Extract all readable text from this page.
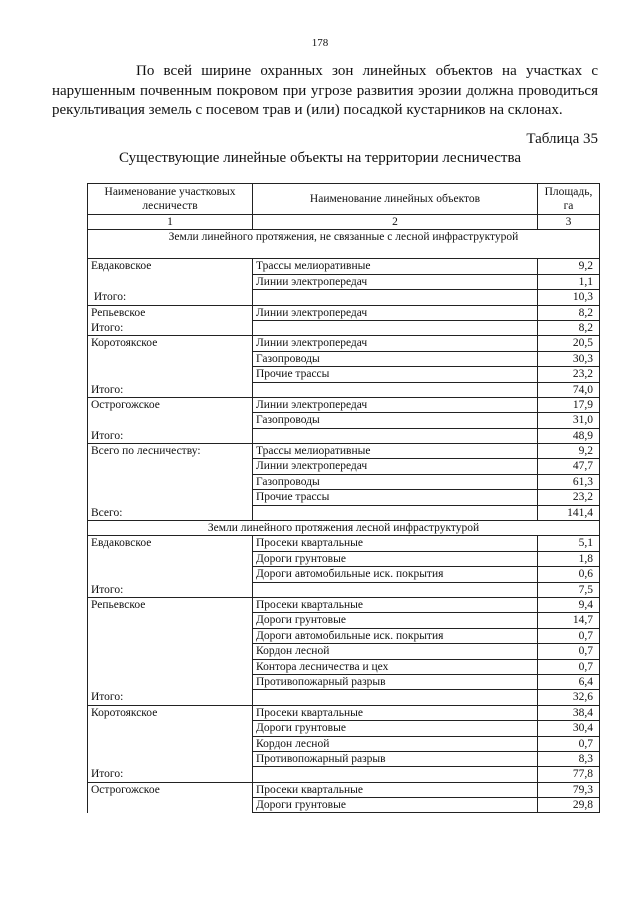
178

По всей ширине охранных зон линейных объектов на участках с нарушенным почвенным покровом при угрозе развития эрозии должна проводиться рекультивация земель с посевом трав и (или) посадкой кустарников на склонах.

Таблица 35
Существующие линейные объекты на территории лесничества
Наименование участковых лесничеств	Наименование линейных объектов	Площадь, га
1	2	3
Земли линейного протяжения, не связанные с лесной инфраструктурой		
Евдаковское	Трассы мелиоративные	9,2
	Линии электропередач	1,1
Итого:		10,3
Репьевское	Линии электропередач	8,2
Итого:		8,2
Коротоякское	Линии электропередач	20,5
	Газопроводы	30,3
	Прочие трассы	23,2
Итого:		74,0
Острогожское	Линии электропередач	17,9
	Газопроводы	31,0
Итого:		48,9
Всего по лесничеству:	Трассы мелиоративные	9,2
	Линии электропередач	47,7
	Газопроводы	61,3
	Прочие трассы	23,2
Всего:		141,4
Земли линейного протяжения лесной инфраструктурой		
Евдаковское	Просеки квартальные	5,1
	Дороги грунтовые	1,8
	Дороги автомобильные иск. покрытия	0,6
Итого:		7,5
Репьевское	Просеки квартальные	9,4
	Дороги грунтовые	14,7
	Дороги автомобильные иск. покрытия	0,7
	Кордон лесной	0,7
	Контора лесничества и цех	0,7
	Противопожарный разрыв	6,4
Итого:		32,6
Коротоякское	Просеки квартальные	38,4
	Дороги грунтовые	30,4
	Кордон лесной	0,7
	Противопожарный разрыв	8,3
Итого:		77,8
Острогожское	Просеки квартальные	79,3
	Дороги грунтовые	29,8
